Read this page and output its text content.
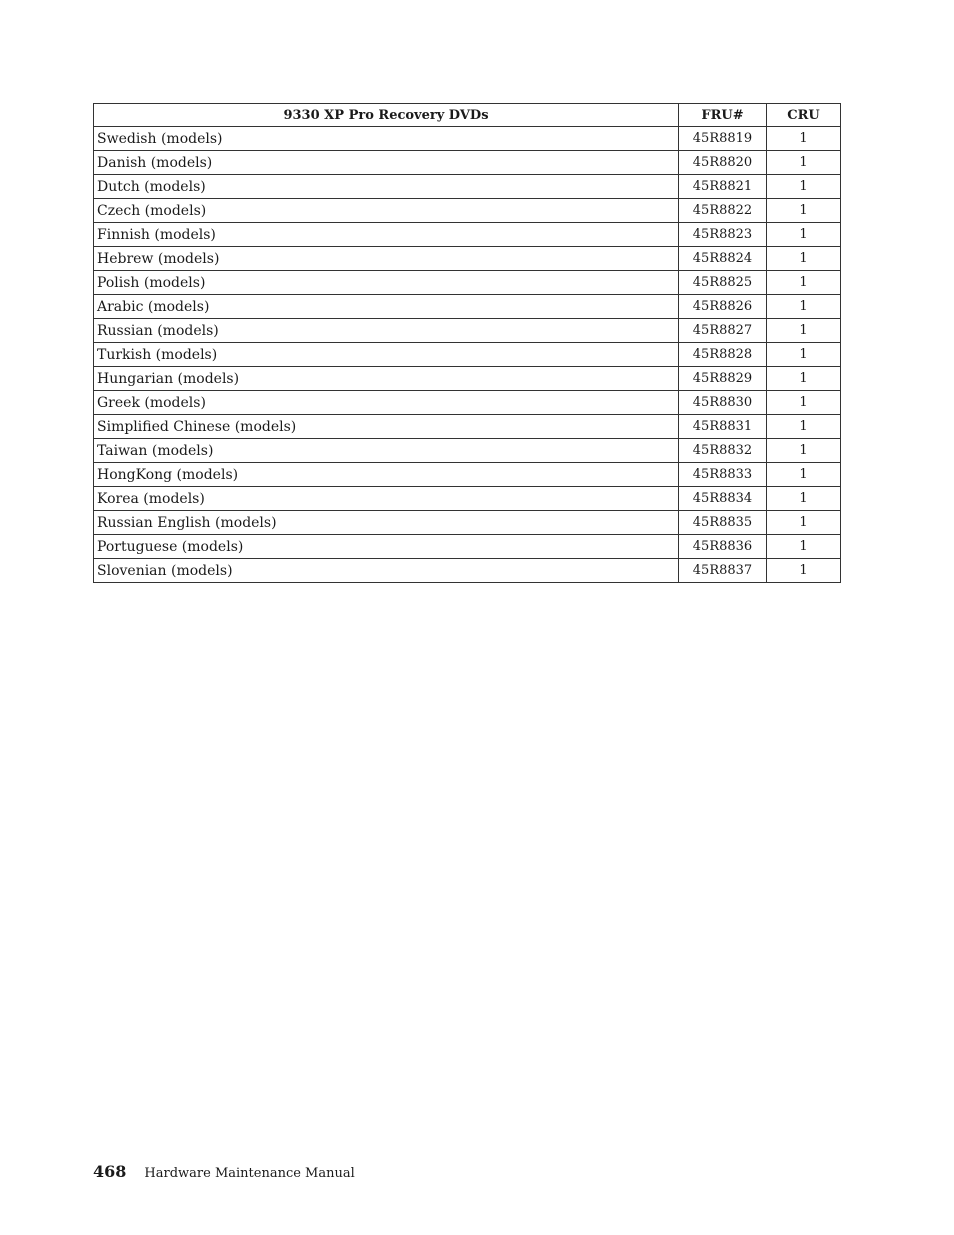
9330 XP Pro Recovery DVDs	FRU#	CRU
Swedish (models)	45R8819	1
Danish (models)	45R8820	1
Dutch (models)	45R8821	1
Czech (models)	45R8822	1
Finnish (models)	45R8823	1
Hebrew (models)	45R8824	1
Polish (models)	45R8825	1
Arabic (models)	45R8826	1
Russian (models)	45R8827	1
Turkish (models)	45R8828	1
Hungarian (models)	45R8829	1
Greek (models)	45R8830	1
Simplified Chinese (models)	45R8831	1
Taiwan (models)	45R8832	1
HongKong (models)	45R8833	1
Korea (models)	45R8834	1
Russian English (models)	45R8835	1
Portuguese (models)	45R8836	1
Slovenian (models)	45R8837	1
468 Hardware Maintenance Manual
